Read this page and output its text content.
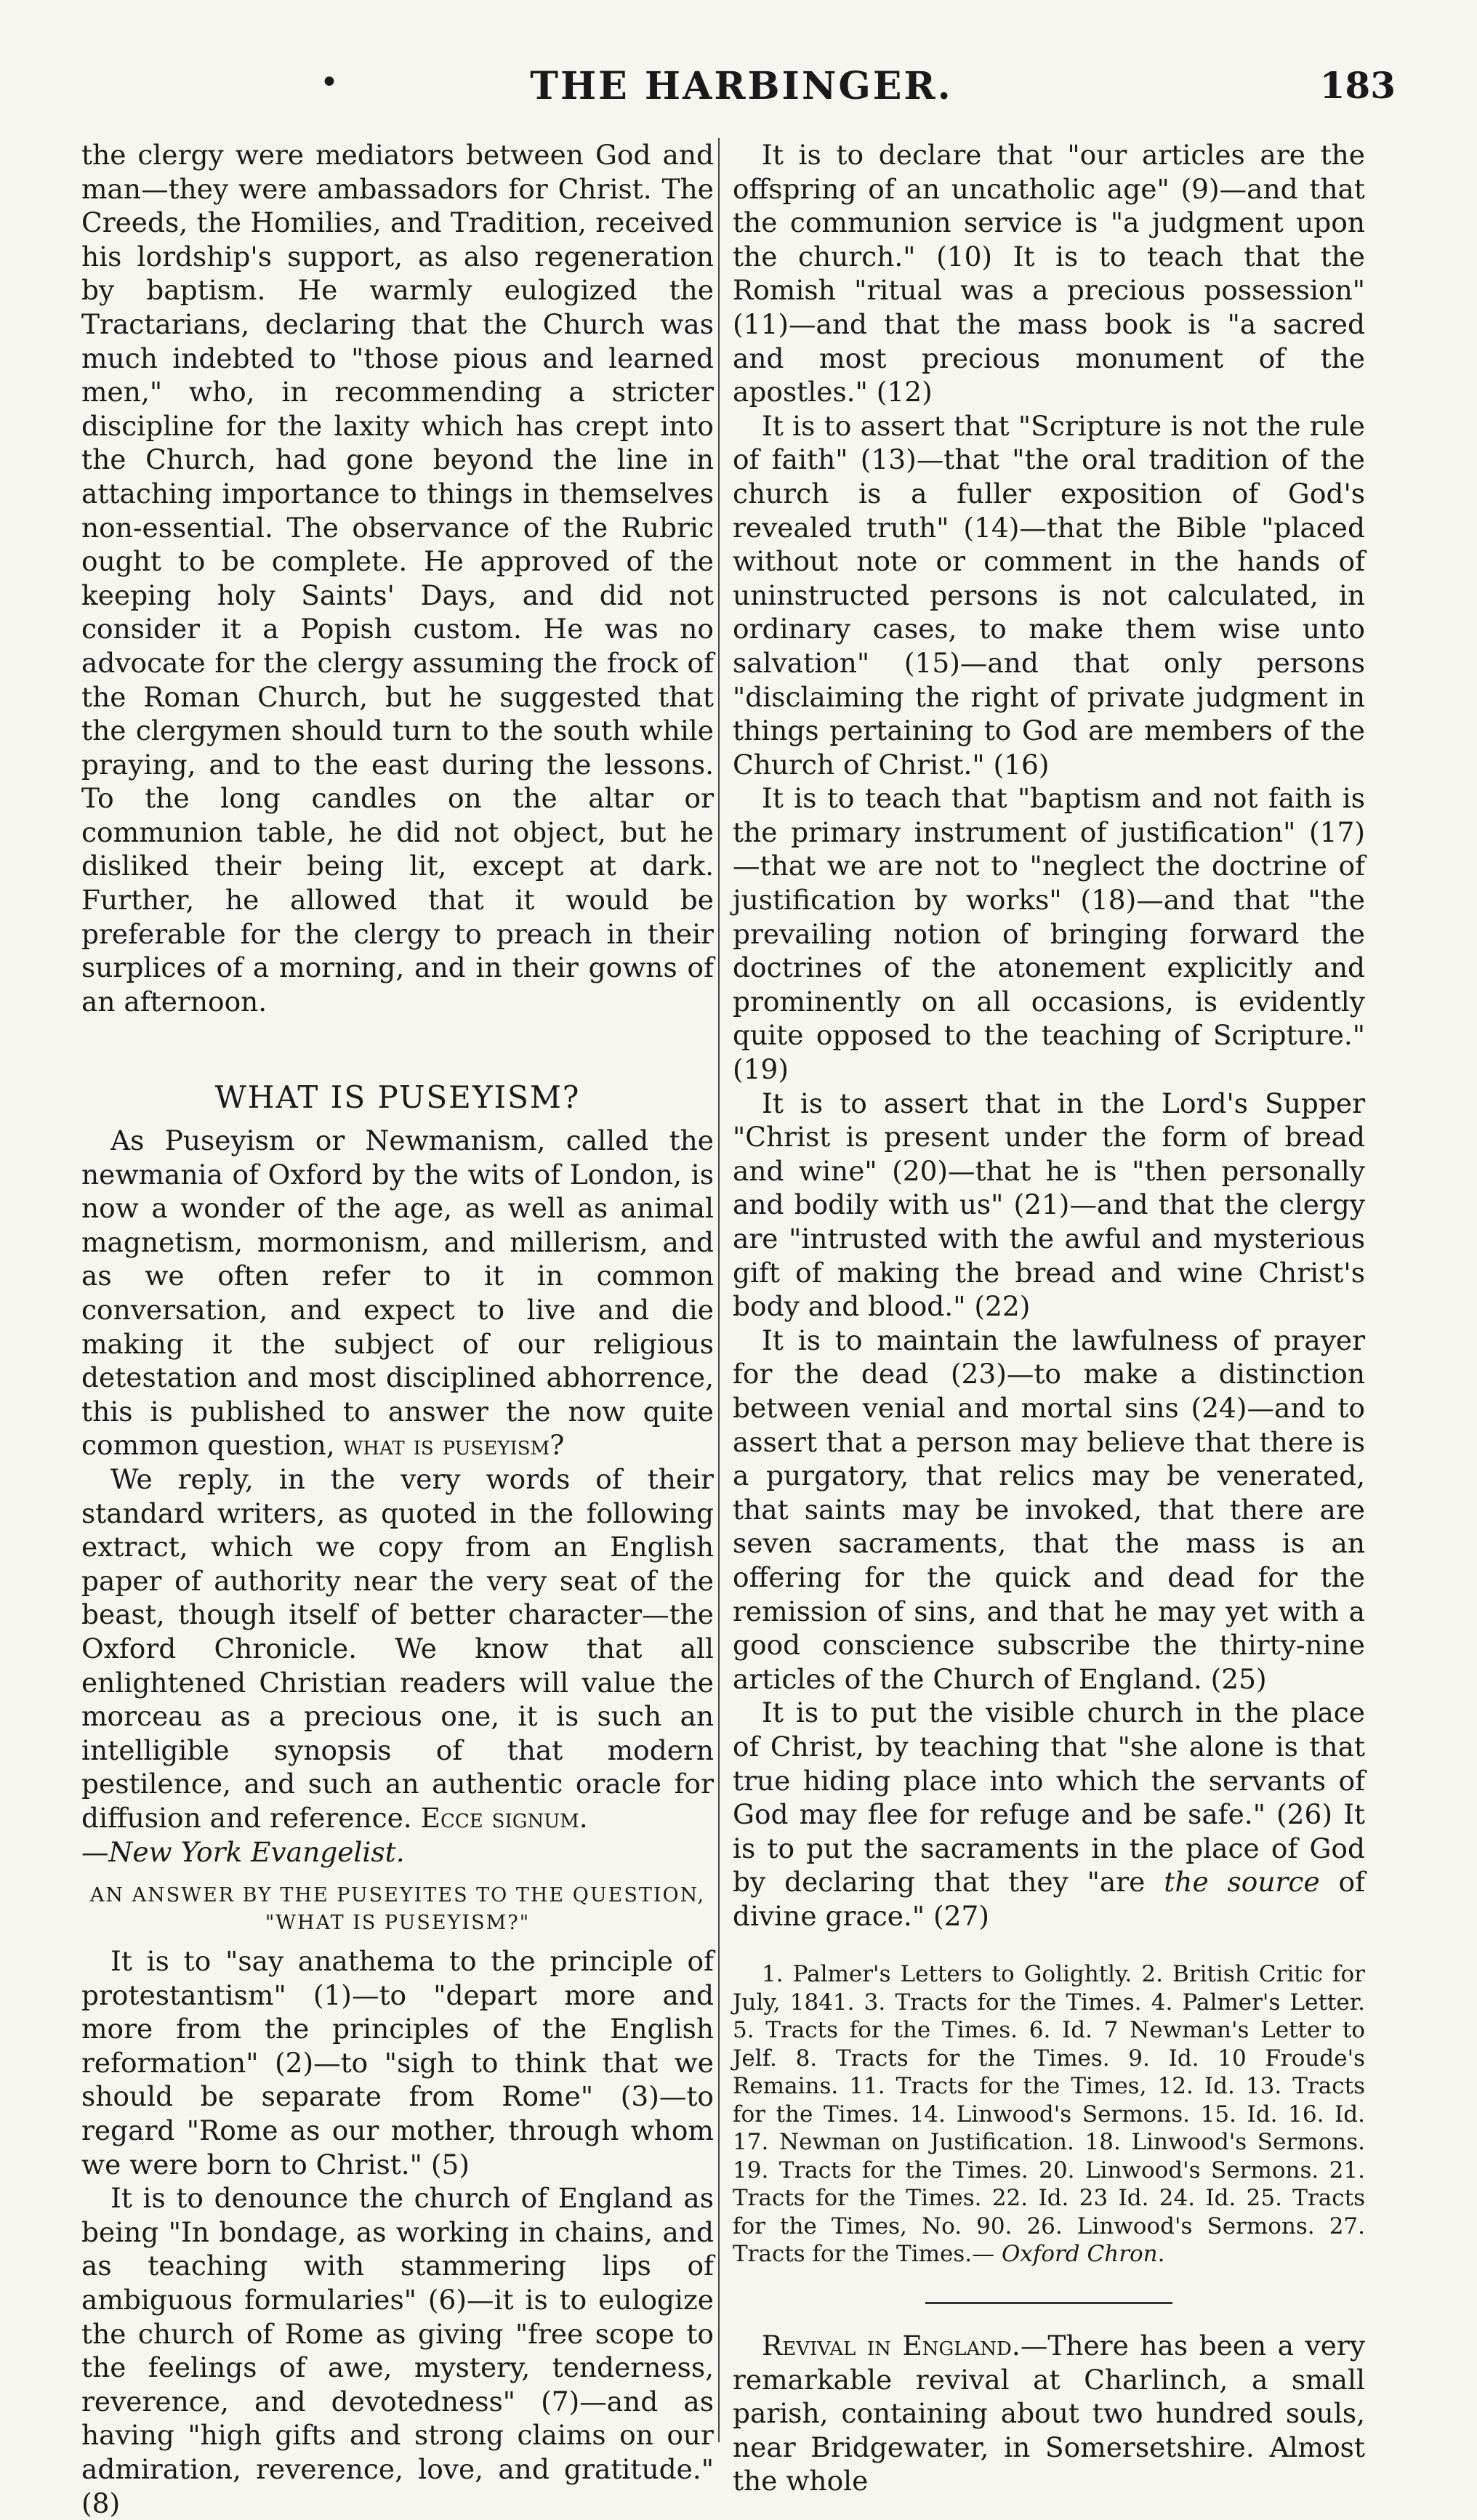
•	THE HARBINGER.	183

the clergy were mediators between God and man—they were ambassadors for Christ. The Creeds, the Homilies, and Tradition, received his lordship's support, as also regeneration by baptism. He warmly eulogized the Tractarians, declaring that the Church was much indebted to "those pious and learned men," who, in recommending a stricter discipline for the laxity which has crept into the Church, had gone beyond the line in attaching importance to things in themselves non-essential. The observance of the Rubric ought to be complete. He approved of the keeping holy Saints' Days, and did not consider it a Popish custom. He was no advocate for the clergy assuming the frock of the Roman Church, but he suggested that the clergymen should turn to the south while praying, and to the east during the lessons. To the long candles on the altar or communion table, he did not object, but he disliked their being lit, except at dark. Further, he allowed that it would be preferable for the clergy to preach in their surplices of a morning, and in their gowns of an afternoon.

WHAT IS PUSEYISM?

As Puseyism or Newmanism, called the newmania of Oxford by the wits of London, is now a wonder of the age, as well as animal magnetism, mormonism, and millerism, and as we often refer to it in common conversation, and expect to live and die making it the subject of our religious detestation and most disciplined abhorrence, this is published to answer the now quite common question, what is puseyism?

We reply, in the very words of their standard writers, as quoted in the following extract, which we copy from an English paper of authority near the very seat of the beast, though itself of better character—the Oxford Chronicle. We know that all enlightened Christian readers will value the morceau as a precious one, it is such an intelligible synopsis of that modern pestilence, and such an authentic oracle for diffusion and reference. Ecce signum.
—New York Evangelist.

AN ANSWER BY THE PUSEYITES TO THE QUESTION, "WHAT IS PUSEYISM?"

It is to "say anathema to the principle of protestantism" (1)—to "depart more and more from the principles of the English reformation" (2)—to "sigh to think that we should be separate from Rome" (3)—to regard "Rome as our mother, through whom we were born to Christ." (5)

It is to denounce the church of England as being "In bondage, as working in chains, and as teaching with stammering lips of ambiguous formularies" (6)—it is to eulogize the church of Rome as giving "free scope to the feelings of awe, mystery, tenderness, reverence, and devotedness" (7)—and as having "high gifts and strong claims on our admiration, reverence, love, and gratitude." (8)

It is to declare that "our articles are the offspring of an uncatholic age" (9)—and that the communion service is "a judgment upon the church." (10) It is to teach that the Romish "ritual was a precious possession" (11)—and that the mass book is "a sacred and most precious monument of the apostles." (12)

It is to assert that "Scripture is not the rule of faith" (13)—that "the oral tradition of the church is a fuller exposition of God's revealed truth" (14)—that the Bible "placed without note or comment in the hands of uninstructed persons is not calculated, in ordinary cases, to make them wise unto salvation" (15)—and that only persons "disclaiming the right of private judgment in things pertaining to God are members of the Church of Christ." (16)

It is to teach that "baptism and not faith is the primary instrument of justification" (17)—that we are not to "neglect the doctrine of justification by works" (18)—and that "the prevailing notion of bringing forward the doctrines of the atonement explicitly and prominently on all occasions, is evidently quite opposed to the teaching of Scripture." (19)

It is to assert that in the Lord's Supper "Christ is present under the form of bread and wine" (20)—that he is "then personally and bodily with us" (21)—and that the clergy are "intrusted with the awful and mysterious gift of making the bread and wine Christ's body and blood." (22)

It is to maintain the lawfulness of prayer for the dead (23)—to make a distinction between venial and mortal sins (24)—and to assert that a person may believe that there is a purgatory, that relics may be venerated, that saints may be invoked, that there are seven sacraments, that the mass is an offering for the quick and dead for the remission of sins, and that he may yet with a good conscience subscribe the thirty-nine articles of the Church of England. (25)

It is to put the visible church in the place of Christ, by teaching that "she alone is that true hiding place into which the servants of God may flee for refuge and be safe." (26) It is to put the sacraments in the place of God by declaring that they "are the source of divine grace." (27)

1. Palmer's Letters to Golightly. 2. British Critic for July, 1841. 3. Tracts for the Times. 4. Palmer's Letter. 5. Tracts for the Times. 6. Id. 7 Newman's Letter to Jelf. 8. Tracts for the Times. 9. Id. 10 Froude's Remains. 11. Tracts for the Times, 12. Id. 13. Tracts for the Times. 14. Linwood's Sermons. 15. Id. 16. Id. 17. Newman on Justification. 18. Linwood's Sermons. 19. Tracts for the Times. 20. Linwood's Sermons. 21. Tracts for the Times. 22. Id. 23 Id. 24. Id. 25. Tracts for the Times, No. 90. 26. Linwood's Sermons. 27. Tracts for the Times.— Oxford Chron.

Revival in England.—There has been a very remarkable revival at Charlinch, a small parish, containing about two hundred souls, near Bridgewater, in Somersetshire. Almost the whole
